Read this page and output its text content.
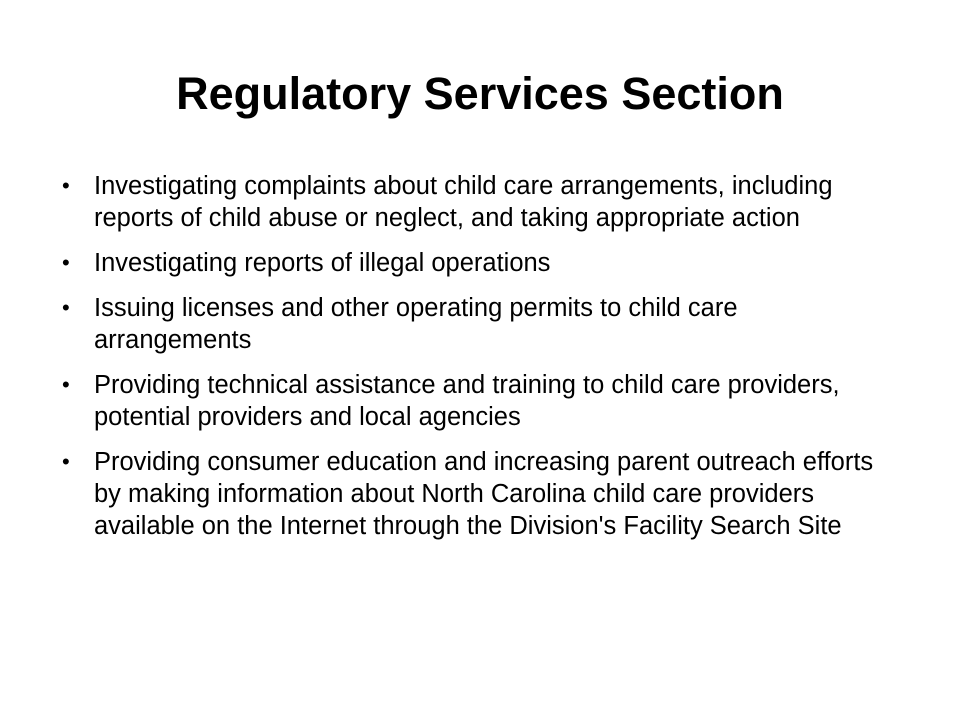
Regulatory Services Section
• Investigating complaints about child care arrangements, including reports of child abuse or neglect, and taking appropriate action
• Investigating reports of illegal operations
• Issuing licenses and other operating permits to child care arrangements
• Providing technical assistance and training to child care providers, potential providers and local agencies
• Providing consumer education and increasing parent outreach efforts by making information about North Carolina child care providers available on the Internet through the Division's Facility Search Site
